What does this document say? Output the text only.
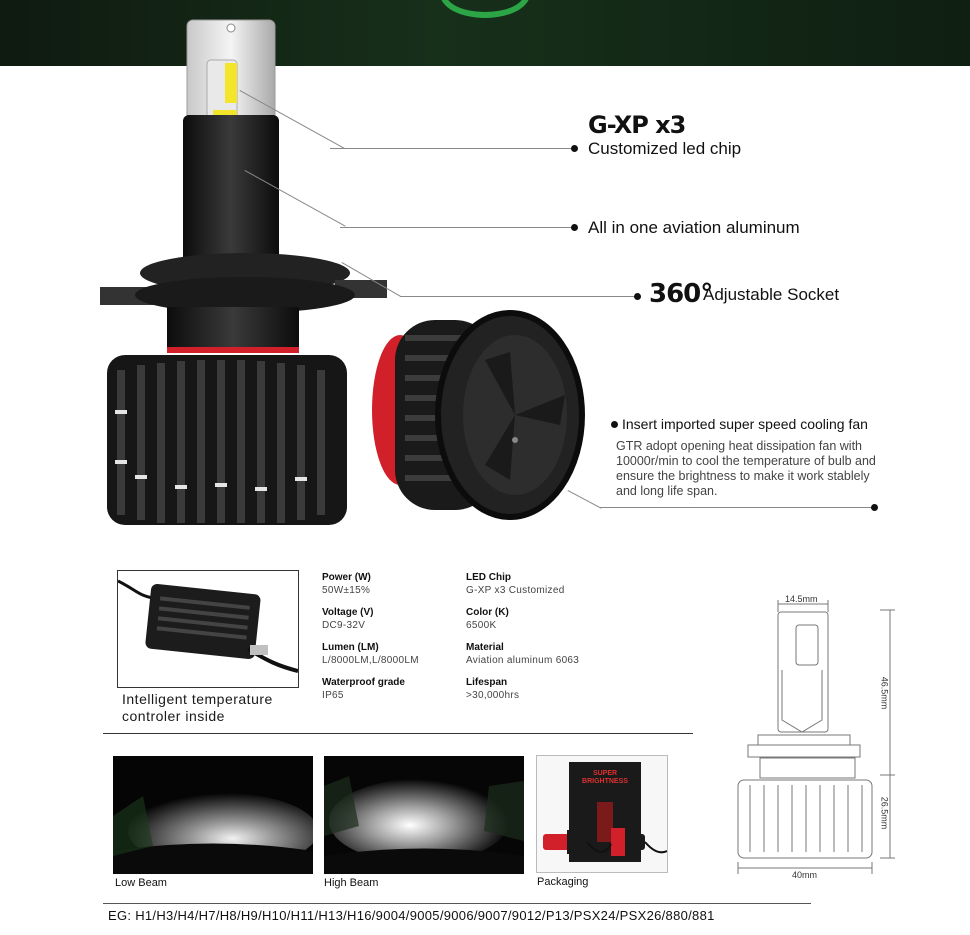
G-XP x3
Customized led chip
All in one aviation aluminum
360°
Adjustable Socket
Insert imported super speed cooling fan
GTR adopt opening heat dissipation fan with 10000r/min to cool the temperature of bulb and ensure the brightness to make it work stablely and long life span.
Intelligent temperature
controler inside
Power (W)
50W±15%
Voltage (V)
DC9-32V
Lumen (LM)
L/8000LM,L/8000LM
Waterproof grade
IP65
LED Chip
G-XP x3 Customized
Color (K)
6500K
Material
Aviation aluminum 6063
Lifespan
>30,000hrs
14.5mm
46.5mm
26.5mm
40mm
Low Beam	High Beam
SUPER
BRIGHTNESS
Packaging
EG: H1/H3/H4/H7/H8/H9/H10/H11/H13/H16/9004/9005/9006/9007/9012/P13/PSX24/PSX26/880/881
